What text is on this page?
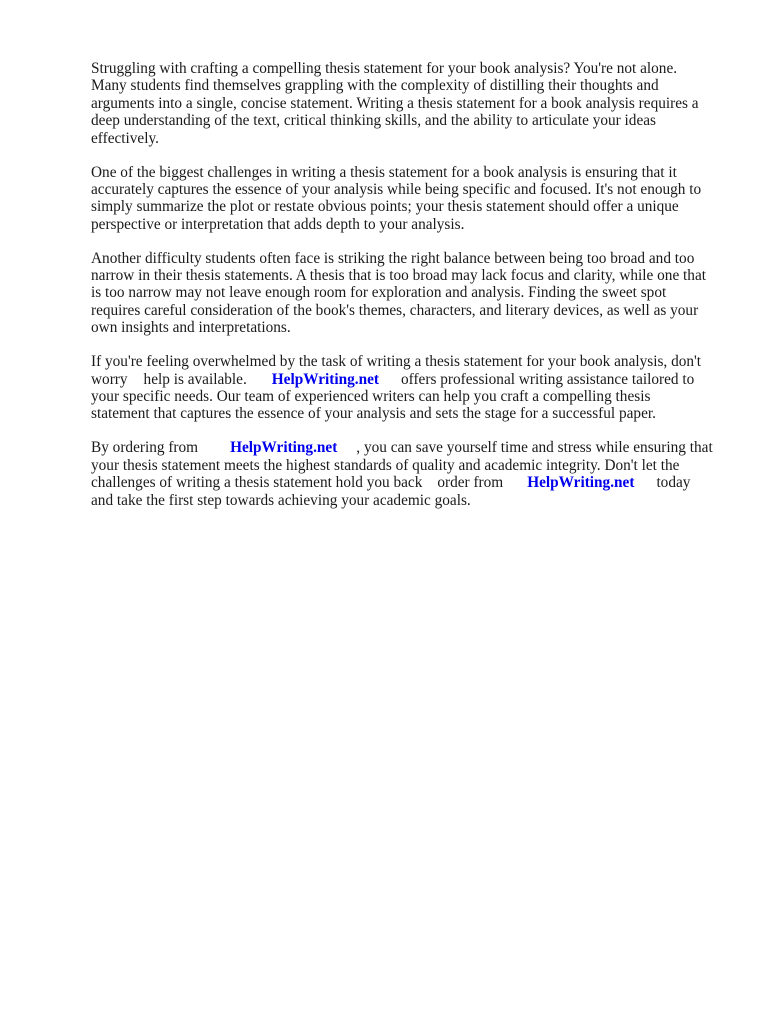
Struggling with crafting a compelling thesis statement for your book analysis? You're not alone.
Many students find themselves grappling with the complexity of distilling their thoughts and
arguments into a single, concise statement. Writing a thesis statement for a book analysis requires a
deep understanding of the text, critical thinking skills, and the ability to articulate your ideas
effectively.

One of the biggest challenges in writing a thesis statement for a book analysis is ensuring that it
accurately captures the essence of your analysis while being specific and focused. It's not enough to
simply summarize the plot or restate obvious points; your thesis statement should offer a unique
perspective or interpretation that adds depth to your analysis.

Another difficulty students often face is striking the right balance between being too broad and too
narrow in their thesis statements. A thesis that is too broad may lack focus and clarity, while one that
is too narrow may not leave enough room for exploration and analysis. Finding the sweet spot
requires careful consideration of the book's themes, characters, and literary devices, as well as your
own insights and interpretations.

If you're feeling overwhelmed by the task of writing a thesis statement for your book analysis, don't
worry help is available. HelpWriting.net offers professional writing assistance tailored to
your specific needs. Our team of experienced writers can help you craft a compelling thesis
statement that captures the essence of your analysis and sets the stage for a successful paper.

By ordering from HelpWriting.net , you can save yourself time and stress while ensuring that
your thesis statement meets the highest standards of quality and academic integrity. Don't let the
challenges of writing a thesis statement hold you back order from HelpWriting.net today
and take the first step towards achieving your academic goals.
